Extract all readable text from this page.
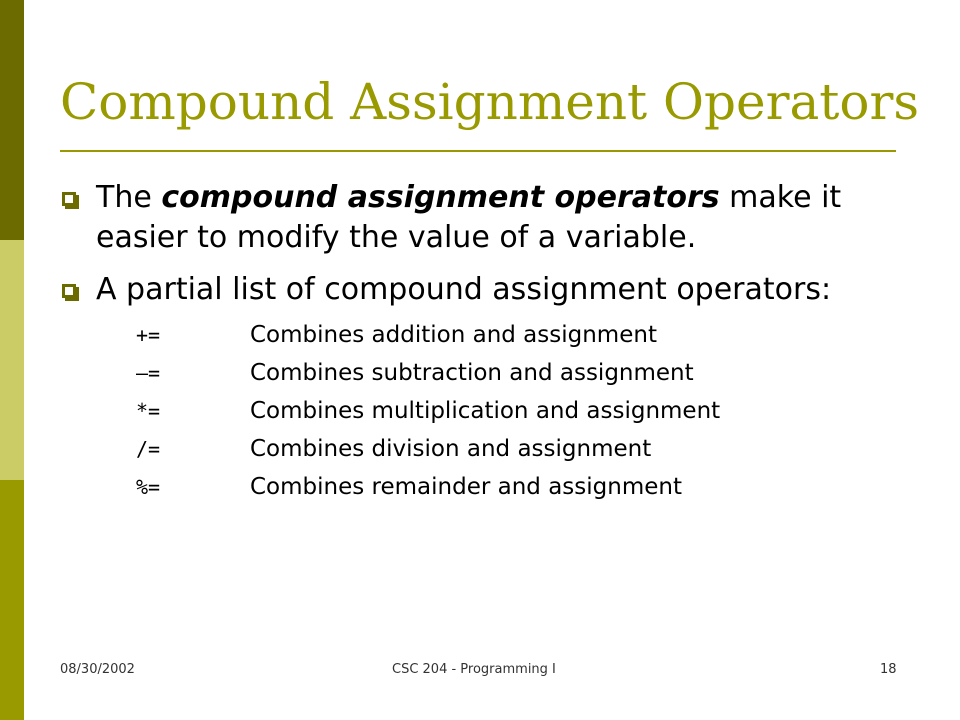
Compound Assignment Operators
The compound assignment operators make it easier to modify the value of a variable.
A partial list of compound assignment operators:
+=	Combines addition and assignment
–=	Combines subtraction and assignment
*=	Combines multiplication and assignment
/=	Combines division and assignment
%=	Combines remainder and assignment
08/30/2002	CSC 204 - Programming I	18
